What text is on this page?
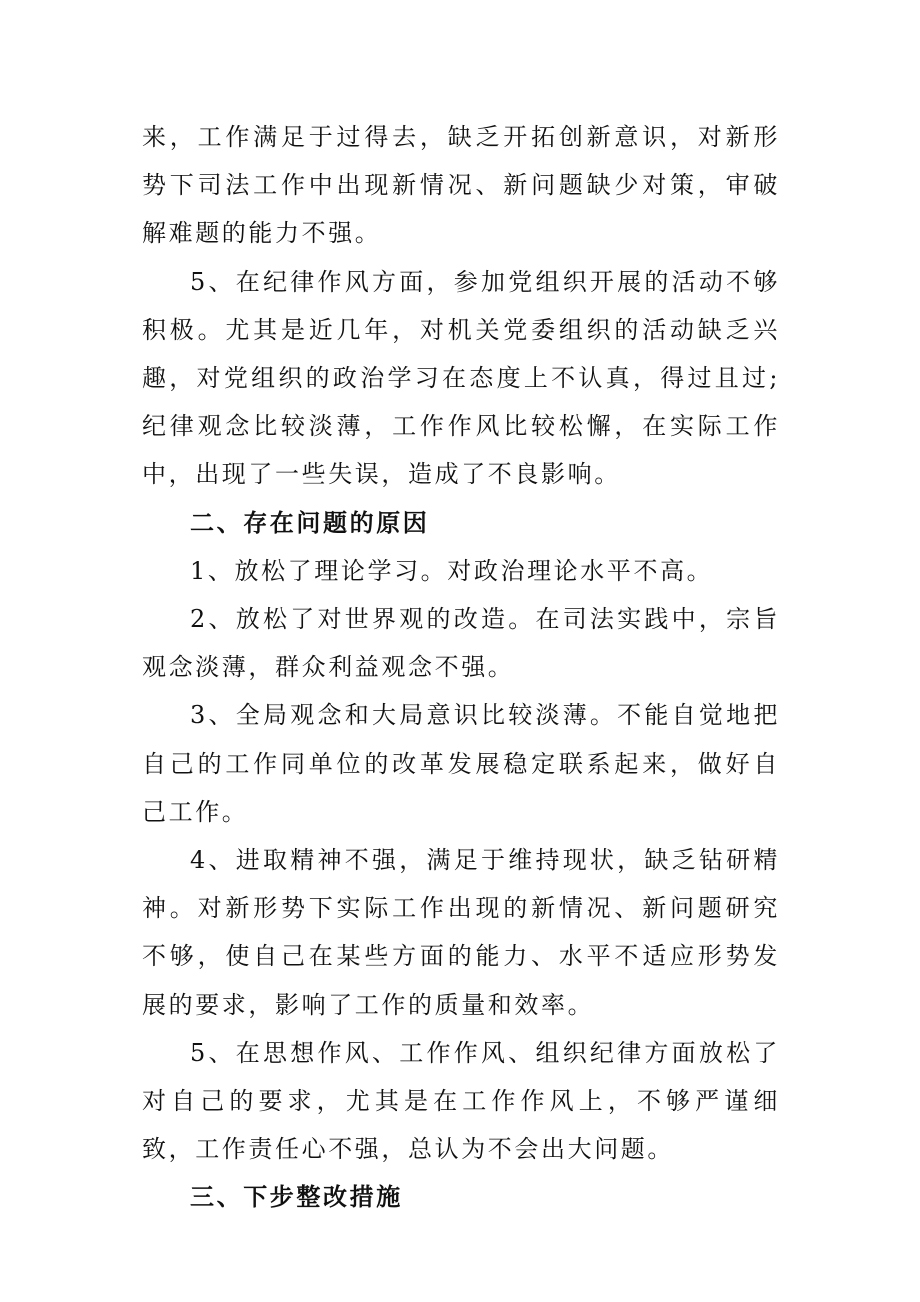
来，工作满足于过得去，缺乏开拓创新意识，对新形势下司法工作中出现新情况、新问题缺少对策，审破解难题的能力不强。

5、在纪律作风方面，参加党组织开展的活动不够积极。尤其是近几年，对机关党委组织的活动缺乏兴趣，对党组织的政治学习在态度上不认真，得过且过;纪律观念比较淡薄，工作作风比较松懈，在实际工作中，出现了一些失误，造成了不良影响。

二、存在问题的原因

1、放松了理论学习。对政治理论水平不高。

2、放松了对世界观的改造。在司法实践中，宗旨观念淡薄，群众利益观念不强。

3、全局观念和大局意识比较淡薄。不能自觉地把自己的工作同单位的改革发展稳定联系起来，做好自己工作。

4、进取精神不强，满足于维持现状，缺乏钻研精神。对新形势下实际工作出现的新情况、新问题研究不够，使自己在某些方面的能力、水平不适应形势发展的要求，影响了工作的质量和效率。

5、在思想作风、工作作风、组织纪律方面放松了对自己的要求，尤其是在工作作风上，不够严谨细致，工作责任心不强，总认为不会出大问题。

三、下步整改措施
